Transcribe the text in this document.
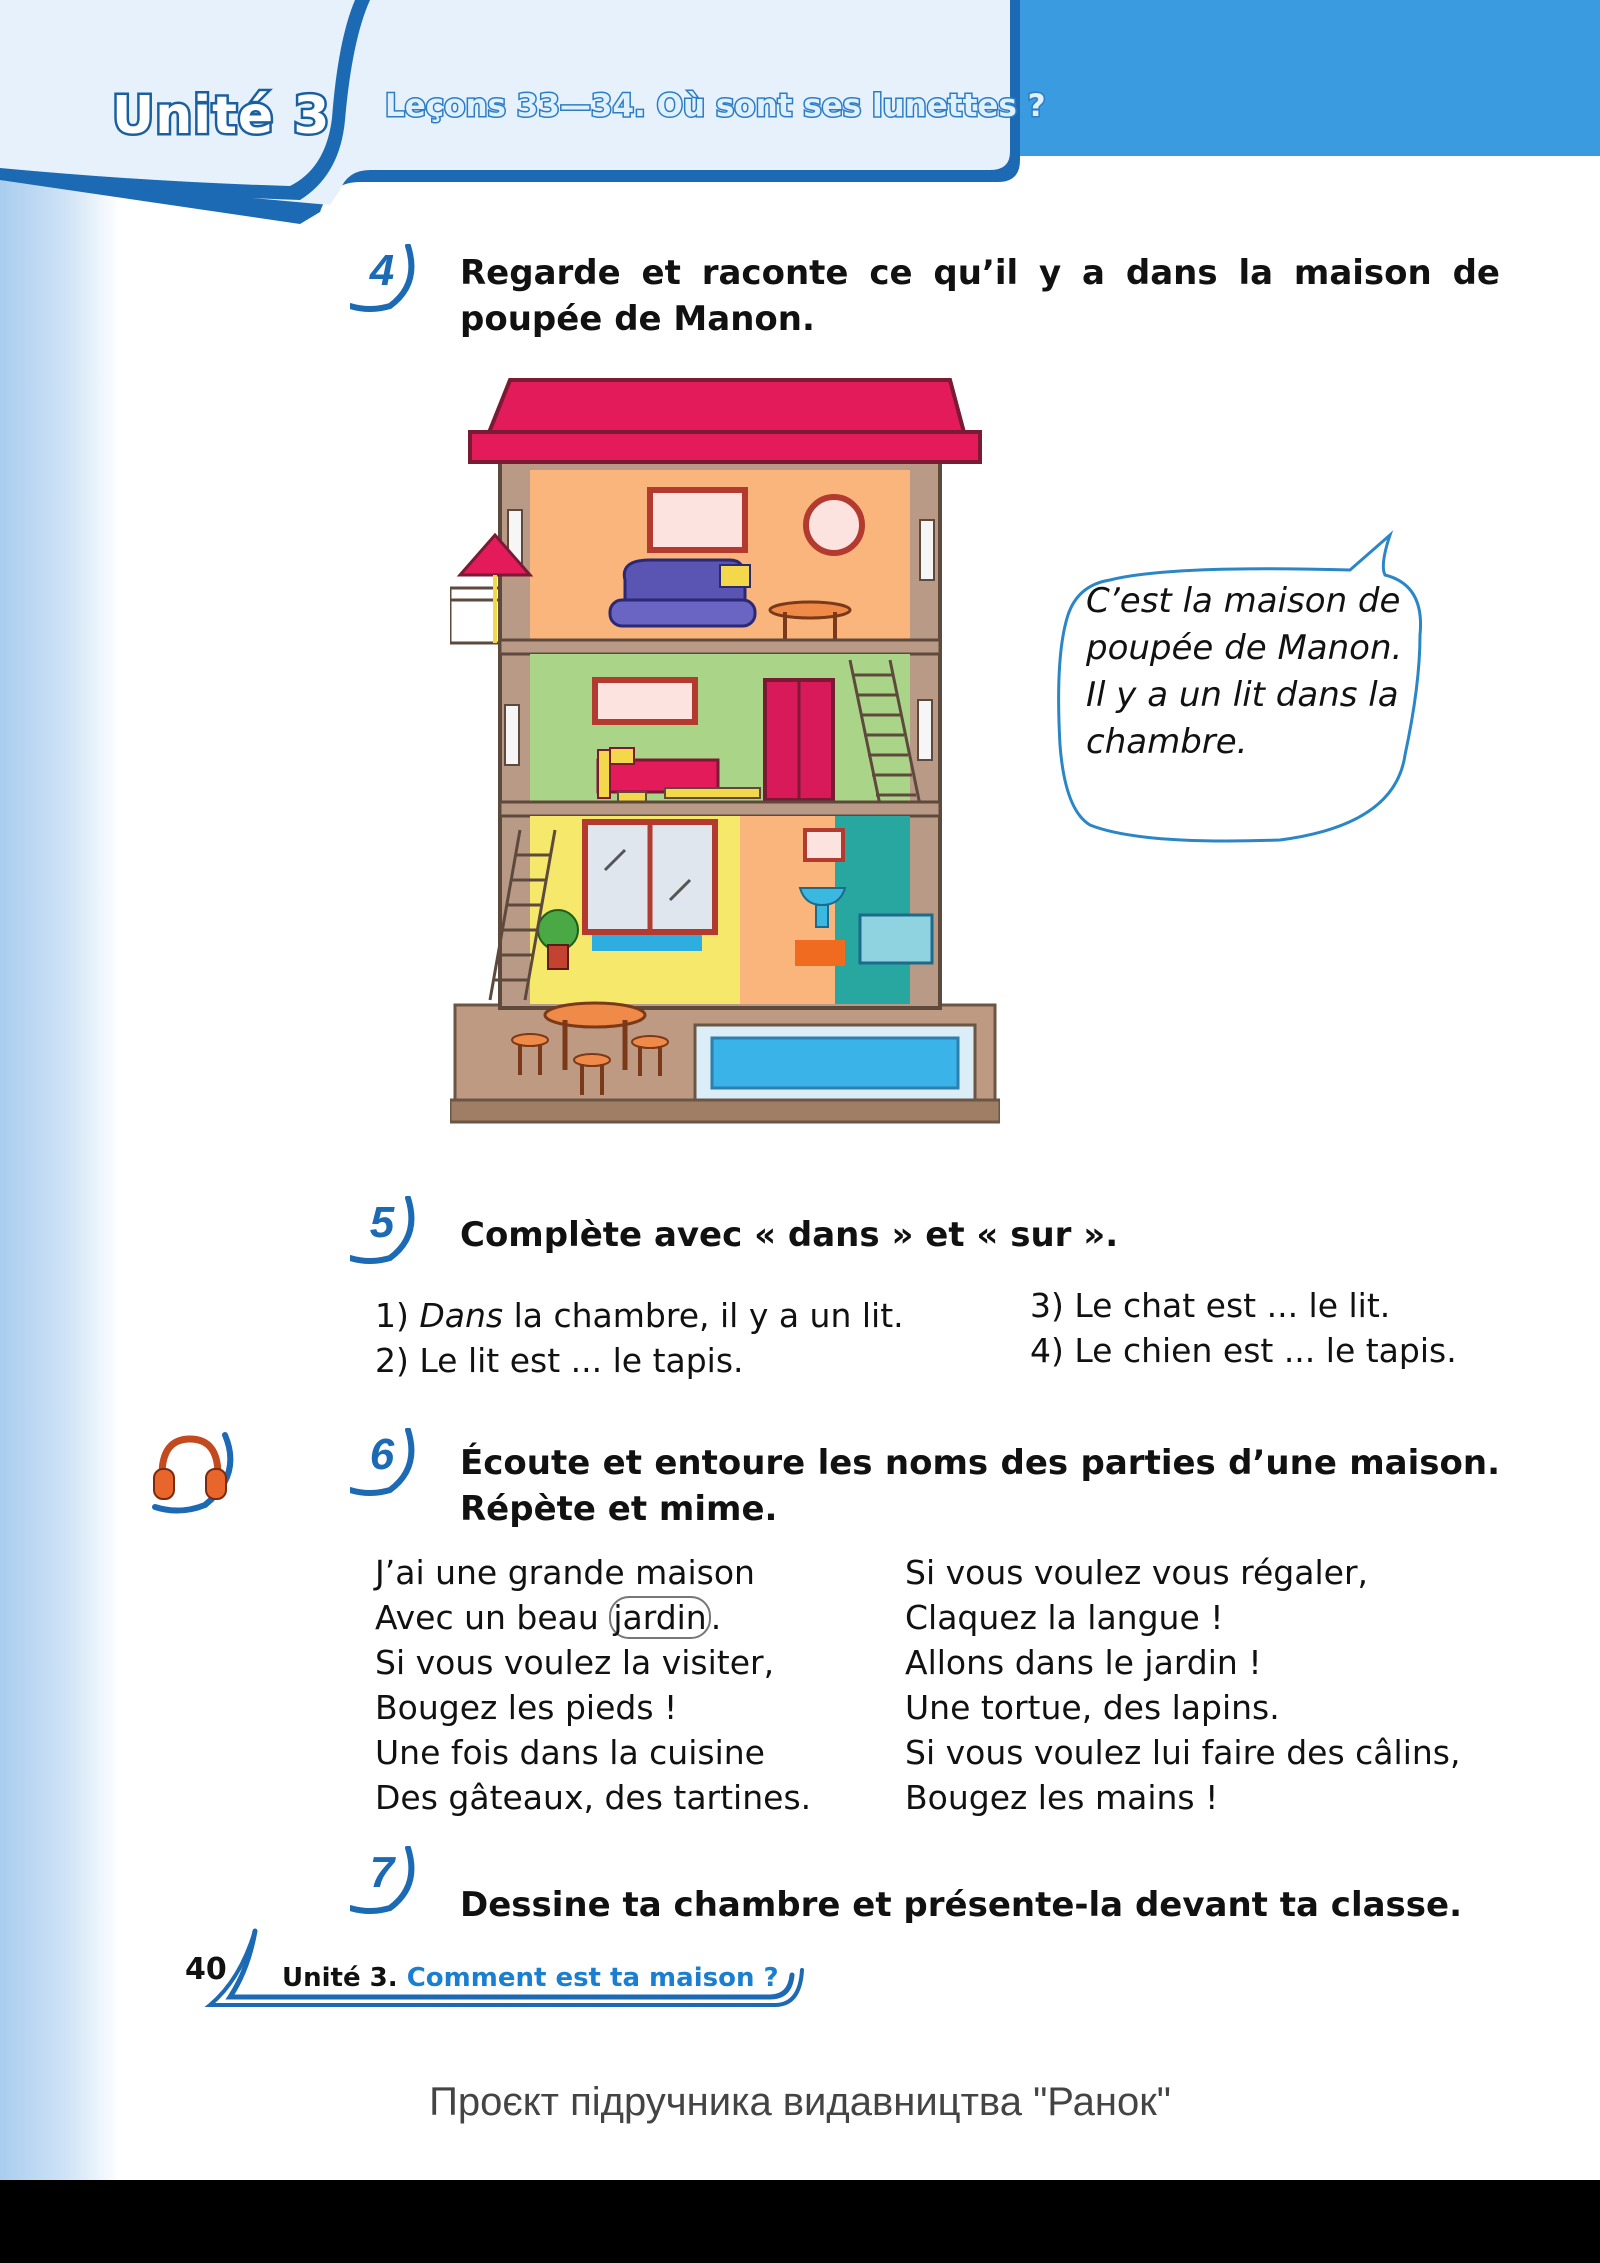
Unité 3 Leçons 33—34. Où sont ses lunettes ?
4	Regarde et raconte ce qu’il y a dans la maison de poupée de Manon.
C’est la maison de poupée de Manon. Il y a un lit dans la chambre.
5	Complète avec « dans » et « sur ».
1) Dans la chambre, il y a un lit.
2) Le lit est ... le tapis.
3) Le chat est ... le lit.
4) Le chien est ... le tapis.
6	Écoute et entoure les noms des parties d’une maison. Répète et mime.
J’ai une grande maison
Avec un beau jardin .
Si vous voulez la visiter,
Bougez les pieds !
Une fois dans la cuisine
Des gâteaux, des tartines.
Si vous voulez vous régaler,
Claquez la langue !
Allons dans le jardin !
Une tortue, des lapins.
Si vous voulez lui faire des câlins,
Bougez les mains !
7
Dessine ta chambre et présente-la devant ta classe.
40 Unité 3. Comment est ta maison ?
Проєкт підручника видавництва "Ранок"
